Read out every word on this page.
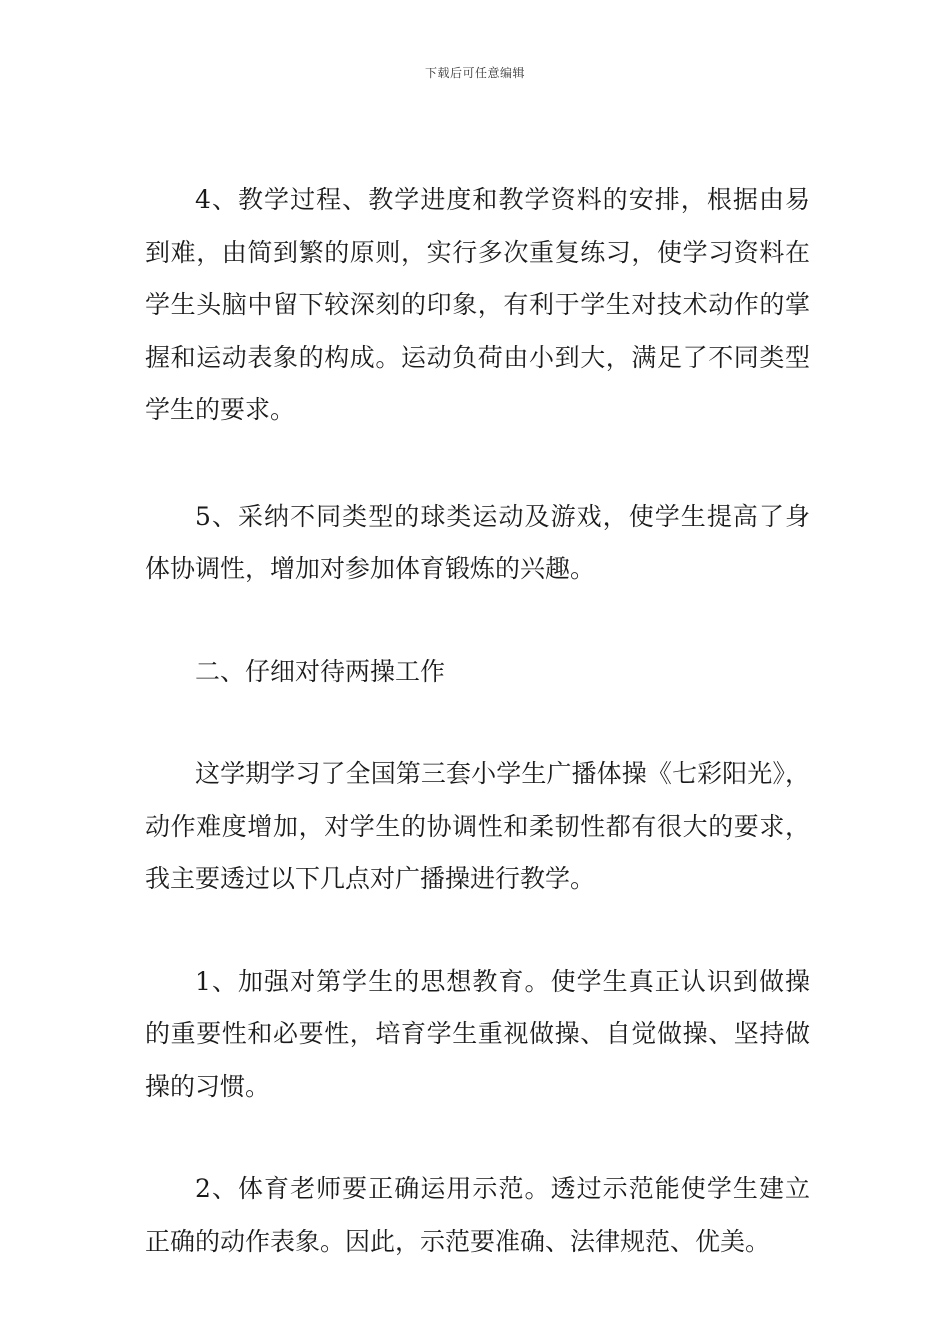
下载后可任意编辑

4、教学过程、教学进度和教学资料的安排，根据由易到难，由简到繁的原则，实行多次重复练习，使学习资料在学生头脑中留下较深刻的印象，有利于学生对技术动作的掌握和运动表象的构成。运动负荷由小到大，满足了不同类型学生的要求。

5、采纳不同类型的球类运动及游戏，使学生提高了身体协调性，增加对参加体育锻炼的兴趣。

二、仔细对待两操工作

这学期学习了全国第三套小学生广播体操《七彩阳光》，动作难度增加，对学生的协调性和柔韧性都有很大的要求，我主要透过以下几点对广播操进行教学。

1、加强对第学生的思想教育。使学生真正认识到做操的重要性和必要性，培育学生重视做操、自觉做操、坚持做操的习惯。

2、体育老师要正确运用示范。透过示范能使学生建立正确的动作表象。因此，示范要准确、法律规范、优美。
